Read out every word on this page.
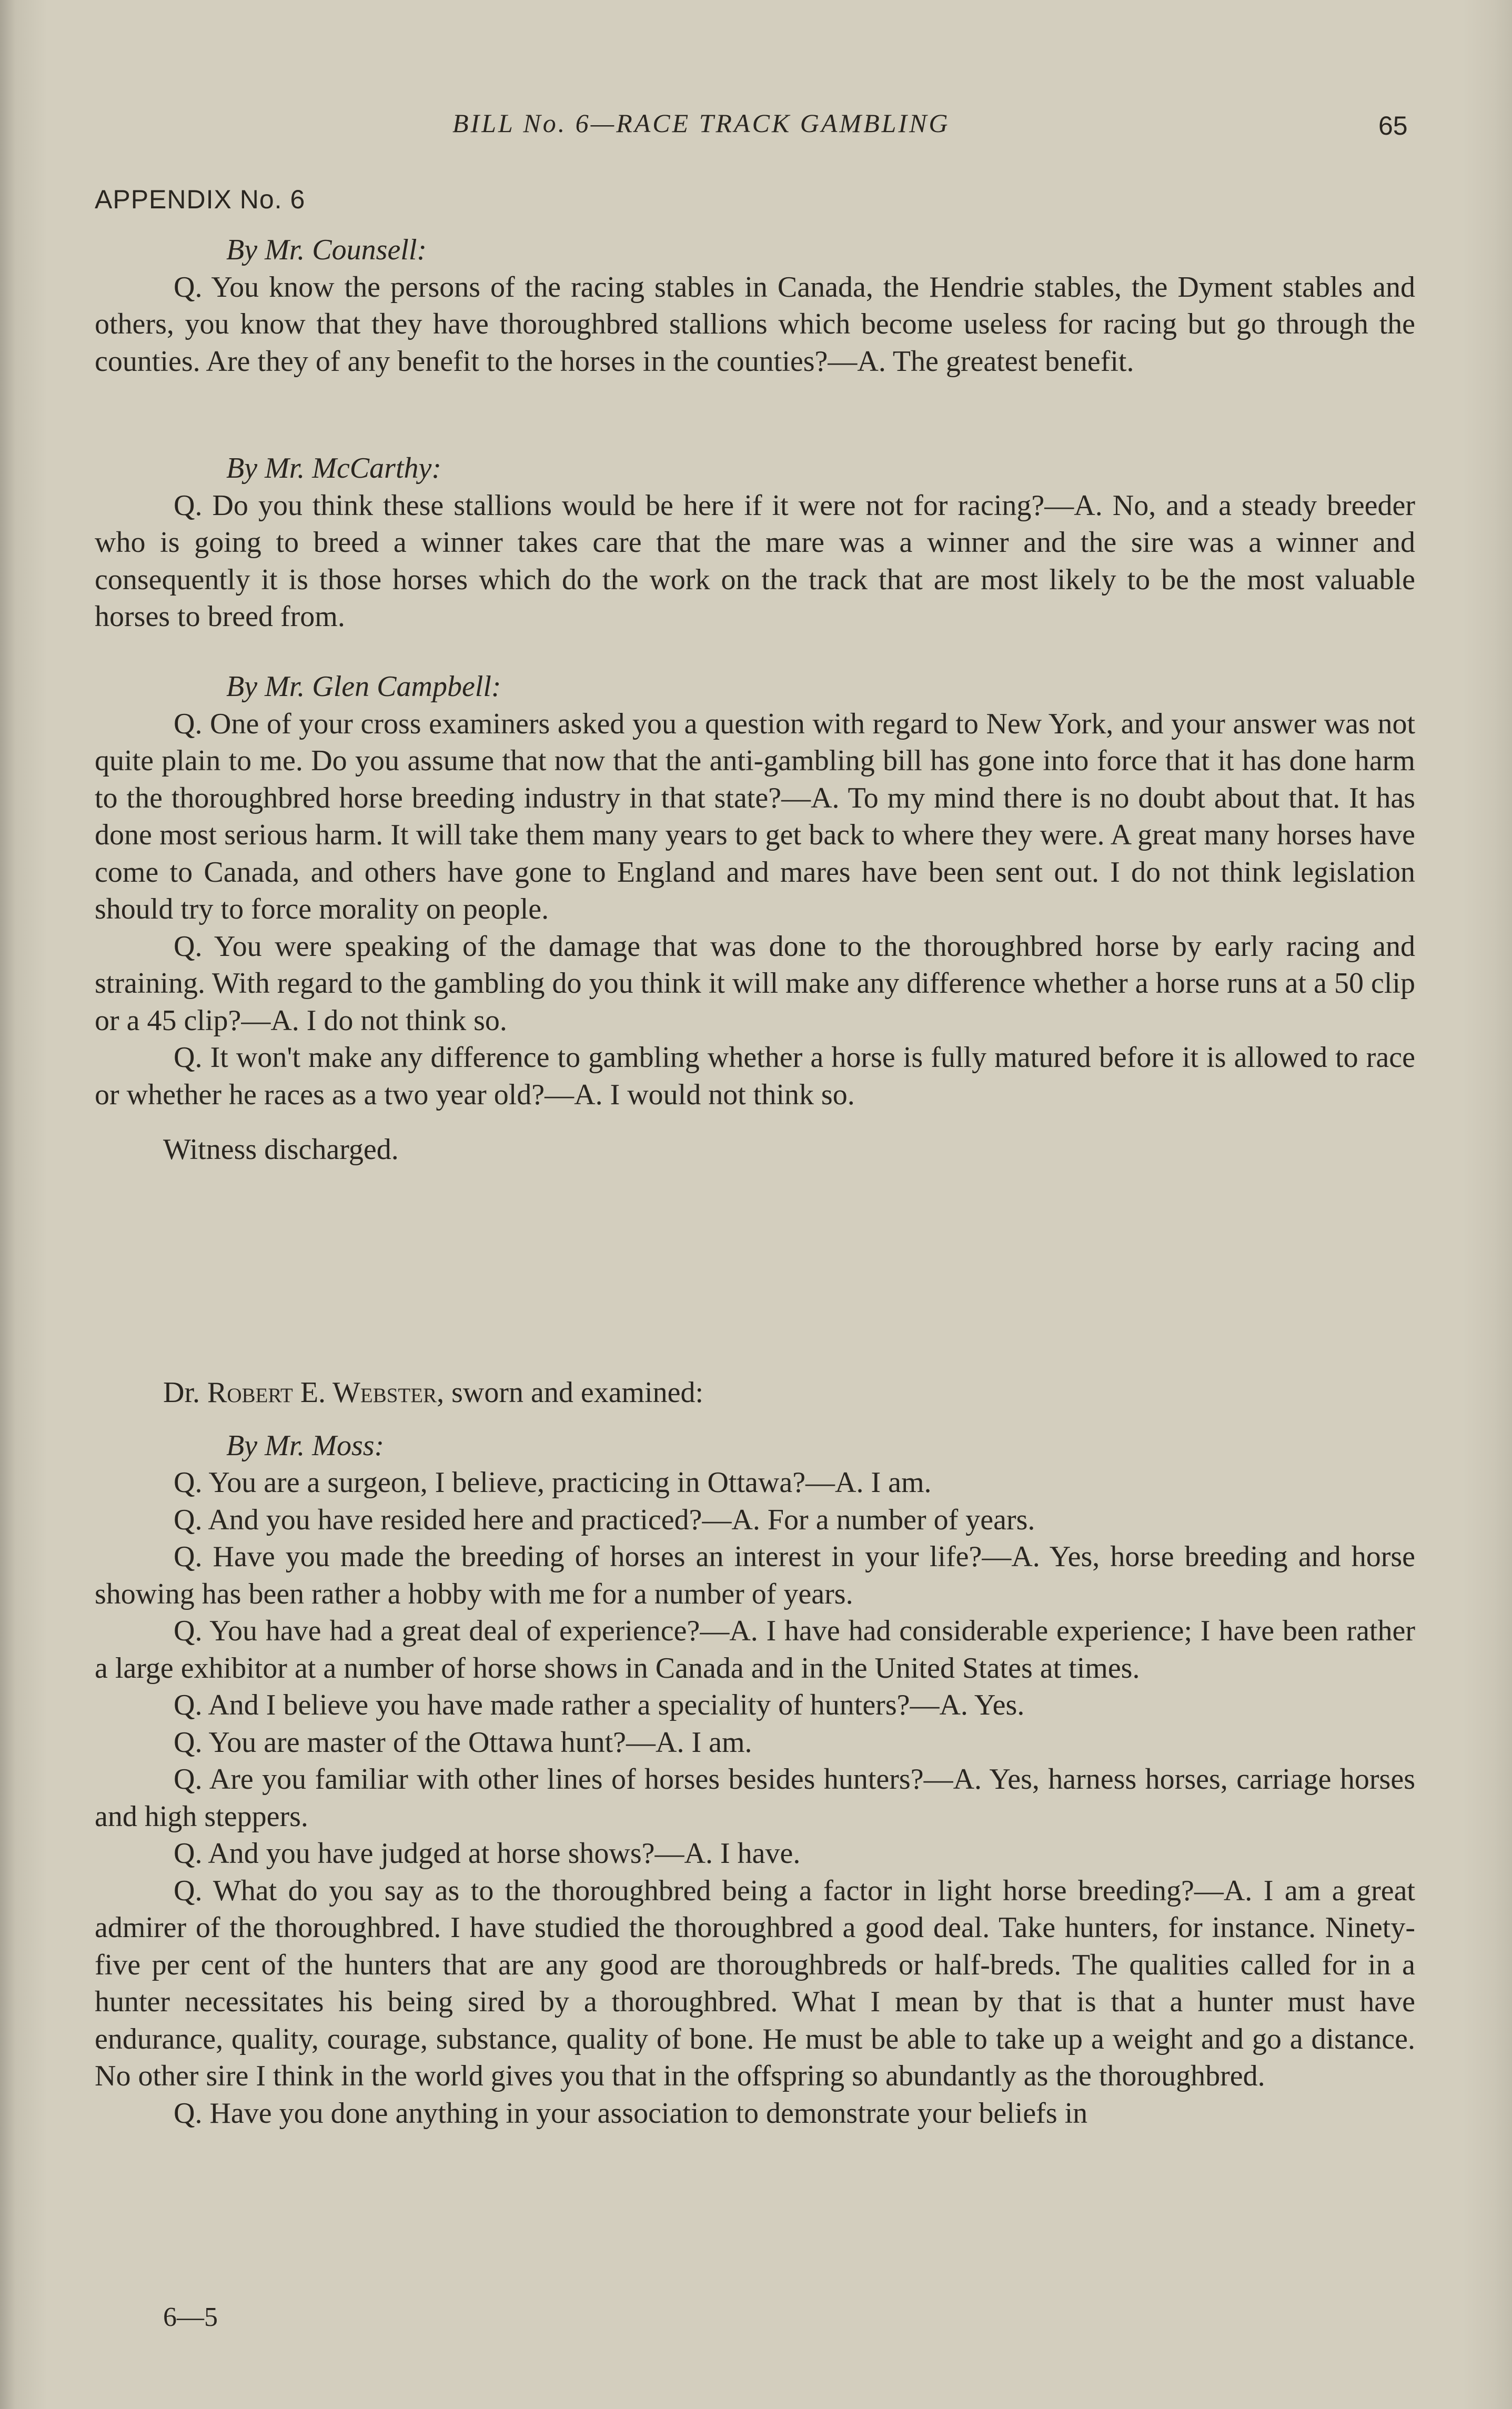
BILL No. 6—RACE TRACK GAMBLING	65
APPENDIX No. 6
By Mr. Counsell:

Q. You know the persons of the racing stables in Canada, the Hendrie stables, the Dyment stables and others, you know that they have thoroughbred stallions which become useless for racing but go through the counties. Are they of any benefit to the horses in the counties?—A. The greatest benefit.

By Mr. McCarthy:

Q. Do you think these stallions would be here if it were not for racing?—A. No, and a steady breeder who is going to breed a winner takes care that the mare was a winner and the sire was a winner and consequently it is those horses which do the work on the track that are most likely to be the most valuable horses to breed from.

By Mr. Glen Campbell:

Q. One of your cross examiners asked you a question with regard to New York, and your answer was not quite plain to me. Do you assume that now that the anti-gambling bill has gone into force that it has done harm to the thoroughbred horse breeding industry in that state?—A. To my mind there is no doubt about that. It has done most serious harm. It will take them many years to get back to where they were. A great many horses have come to Canada, and others have gone to England and mares have been sent out. I do not think legislation should try to force morality on people.

Q. You were speaking of the damage that was done to the thoroughbred horse by early racing and straining. With regard to the gambling do you think it will make any difference whether a horse runs at a 50 clip or a 45 clip?—A. I do not think so.

Q. It won't make any difference to gambling whether a horse is fully matured before it is allowed to race or whether he races as a two year old?—A. I would not think so.

Witness discharged.
Dr. Robert E. Webster, sworn and examined:
By Mr. Moss:

Q. You are a surgeon, I believe, practicing in Ottawa?—A. I am.

Q. And you have resided here and practiced?—A. For a number of years.

Q. Have you made the breeding of horses an interest in your life?—A. Yes, horse breeding and horse showing has been rather a hobby with me for a number of years.

Q. You have had a great deal of experience?—A. I have had considerable experience; I have been rather a large exhibitor at a number of horse shows in Canada and in the United States at times.

Q. And I believe you have made rather a speciality of hunters?—A. Yes.

Q. You are master of the Ottawa hunt?—A. I am.

Q. Are you familiar with other lines of horses besides hunters?—A. Yes, harness horses, carriage horses and high steppers.

Q. And you have judged at horse shows?—A. I have.

Q. What do you say as to the thoroughbred being a factor in light horse breeding?—A. I am a great admirer of the thoroughbred. I have studied the thoroughbred a good deal. Take hunters, for instance. Ninety-five per cent of the hunters that are any good are thoroughbreds or half-breds. The qualities called for in a hunter necessitates his being sired by a thoroughbred. What I mean by that is that a hunter must have endurance, quality, courage, substance, quality of bone. He must be able to take up a weight and go a distance. No other sire I think in the world gives you that in the offspring so abundantly as the thoroughbred.

Q. Have you done anything in your association to demonstrate your beliefs in

6—5
